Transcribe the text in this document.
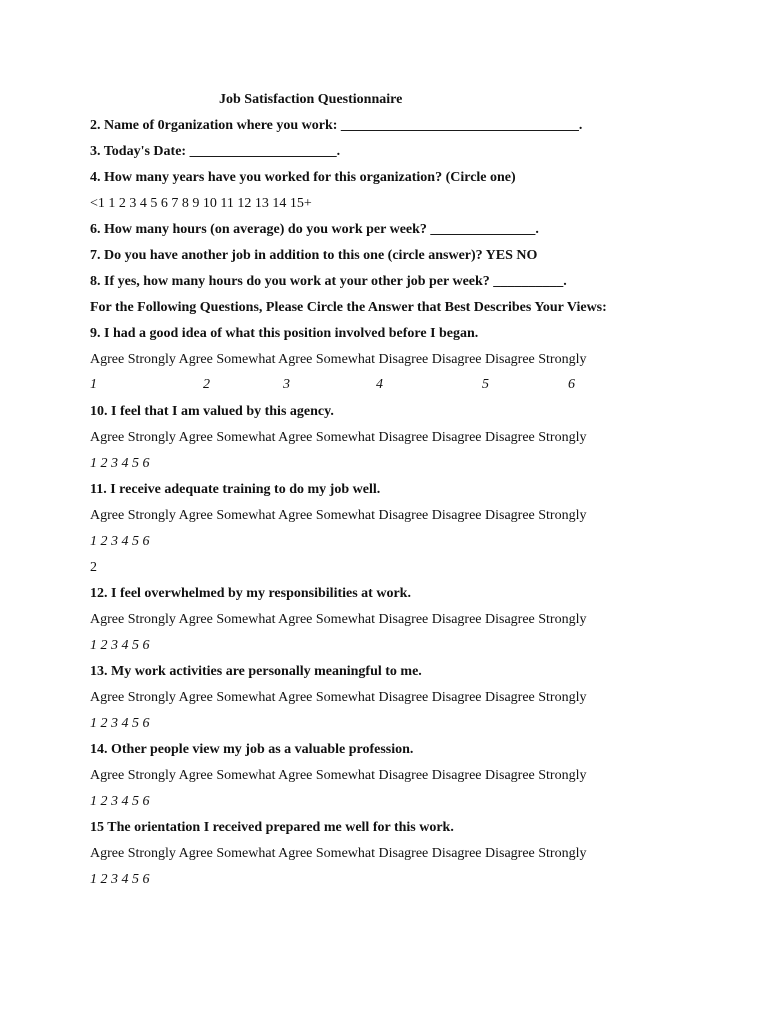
Job Satisfaction Questionnaire

2. Name of 0rganization where you work: __________________________________.

3. Today's Date: _____________________.

4. How many years have you worked for this organization? (Circle one)

<1 1 2 3 4 5 6 7 8 9 10 11 12 13 14 15+

6. How many hours (on average) do you work per week? _______________.

7. Do you have another job in addition to this one (circle answer)? YES NO

8. If yes, how many hours do you work at your other job per week? __________.

For the Following Questions, Please Circle the Answer that Best Describes Your Views:

9. I had a good idea of what this position involved before I began.

Agree Strongly Agree Somewhat Agree Somewhat Disagree Disagree Disagree Strongly

1	2	3	4	5	6

10. I feel that I am valued by this agency.

Agree Strongly Agree Somewhat Agree Somewhat Disagree Disagree Disagree Strongly

1 2 3 4 5 6

11. I receive adequate training to do my job well.

Agree Strongly Agree Somewhat Agree Somewhat Disagree Disagree Disagree Strongly

1 2 3 4 5 6

2

12. I feel overwhelmed by my responsibilities at work.

Agree Strongly Agree Somewhat Agree Somewhat Disagree Disagree Disagree Strongly

1 2 3 4 5 6

13. My work activities are personally meaningful to me.

Agree Strongly Agree Somewhat Agree Somewhat Disagree Disagree Disagree Strongly

1 2 3 4 5 6

14. Other people view my job as a valuable profession.

Agree Strongly Agree Somewhat Agree Somewhat Disagree Disagree Disagree Strongly

1 2 3 4 5 6

15 The orientation I received prepared me well for this work.

Agree Strongly Agree Somewhat Agree Somewhat Disagree Disagree Disagree Strongly

1 2 3 4 5 6
